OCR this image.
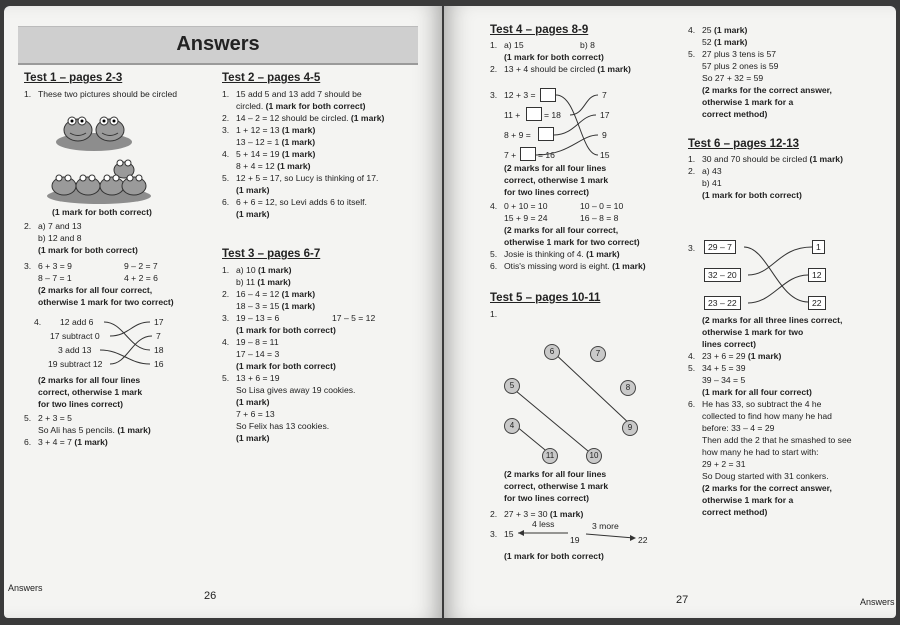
Answers
Test 1 – pages 2-3
1. These two pictures should be circled
(1 mark for both correct)
2. a) 7 and 13
b) 12 and 8
(1 mark for both correct)
3. 6 + 3 = 9	9 – 2 = 7
8 – 7 = 1	4 + 2 = 6
(2 marks for all four correct,
otherwise 1 mark for two correct)
4. 12 add 6
17 subtract 0
3 add 13
19 subtract 12
17
7
18
16
(2 marks for all four lines
correct, otherwise 1 mark
for two lines correct)
5. 2 + 3 = 5
So Ali has 5 pencils. (1 mark)
6. 3 + 4 = 7 (1 mark)
Test 2 – pages 4-5
1. 15 add 5 and 13 add 7 should be
circled. (1 mark for both correct)
2. 14 – 2 = 12 should be circled. (1 mark)
3. 1 + 12 = 13 (1 mark)
13 – 12 = 1 (1 mark)
4. 5 + 14 = 19 (1 mark)
8 + 4 = 12 (1 mark)
5. 12 + 5 = 17, so Lucy is thinking of 17.
(1 mark)
6. 6 + 6 = 12, so Levi adds 6 to itself.
(1 mark)
Test 3 – pages 6-7
1. a) 10 (1 mark)
b) 11 (1 mark)
2. 16 – 4 = 12 (1 mark)
18 – 3 = 15 (1 mark)
3. 19 – 13 = 6	17 – 5 = 12
(1 mark for both correct)
4. 19 – 8 = 11
17 – 14 = 3
(1 mark for both correct)
5. 13 + 6 = 19
So Lisa gives away 19 cookies.
(1 mark)
7 + 6 = 13
So Felix has 13 cookies.
(1 mark)
Answers
26
Test 4 – pages 8-9
1. a) 15	b) 8
(1 mark for both correct)
2. 13 + 4 should be circled (1 mark)
3. 12 + 3 =
11 +	= 18
8 + 9 =
7 +	= 16
7
17
9
15
(2 marks for all four lines
correct, otherwise 1 mark
for two lines correct)
4. 0 + 10 = 10	10 – 0 = 10
15 + 9 = 24	16 – 8 = 8
(2 marks for all four correct,
otherwise 1 mark for two correct)
5. Josie is thinking of 4. (1 mark)
6. Otis's missing word is eight. (1 mark)
Test 5 – pages 10-11
1.
6	7
5	8
4	9
11	10
(2 marks for all four lines
correct, otherwise 1 mark
for two lines correct)
2. 27 + 3 = 30 (1 mark)
3. 15
4 less
19
3 more
22
(1 mark for both correct)
4. 25 (1 mark)
52 (1 mark)
5. 27 plus 3 tens is 57
57 plus 2 ones is 59
So 27 + 32 = 59
(2 marks for the correct answer,
otherwise 1 mark for a
correct method)
Test 6 – pages 12-13
1. 30 and 70 should be circled (1 mark)
2. a) 43
b) 41
(1 mark for both correct)
3.	29 – 7
32 – 20
23 – 22
1
12
22
(2 marks for all three lines correct,
otherwise 1 mark for two
lines correct)
4. 23 + 6 = 29 (1 mark)
5. 34 + 5 = 39
39 – 34 = 5
(1 mark for all four correct)
6. He has 33, so subtract the 4 he
collected to find how many he had
before: 33 – 4 = 29
Then add the 2 that he smashed to see
how many he had to start with:
29 + 2 = 31
So Doug started with 31 conkers.
(2 marks for the correct answer,
otherwise 1 mark for a
correct method)
27	Answers
